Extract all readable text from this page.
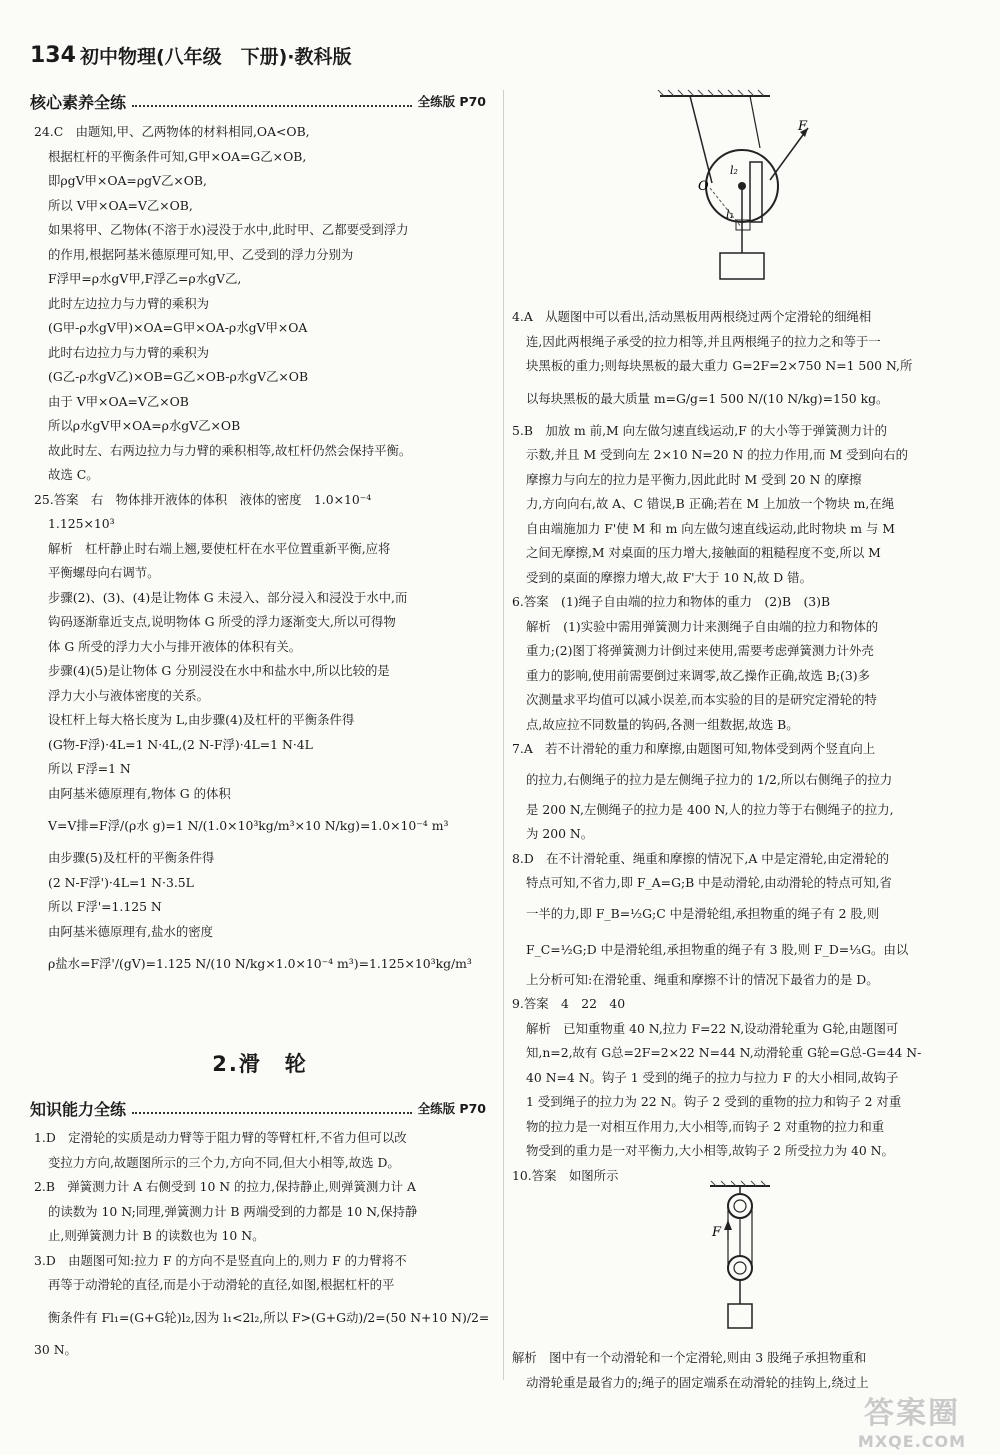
134 初中物理(八年级　下册)·教科版
核心素养全练	全练版 P70

24.C　由题知,甲、乙两物体的材料相同,OA<OB,

根据杠杆的平衡条件可知,G甲×OA=G乙×OB,

即ρgV甲×OA=ρgV乙×OB,

所以 V甲×OA=V乙×OB,

如果将甲、乙物体(不溶于水)浸没于水中,此时甲、乙都要受到浮力

的作用,根据阿基米德原理可知,甲、乙受到的浮力分别为

F浮甲=ρ水gV甲,F浮乙=ρ水gV乙,

此时左边拉力与力臂的乘积为

(G甲-ρ水gV甲)×OA=G甲×OA-ρ水gV甲×OA

此时右边拉力与力臂的乘积为

(G乙-ρ水gV乙)×OB=G乙×OB-ρ水gV乙×OB

由于 V甲×OA=V乙×OB

所以ρ水gV甲×OA=ρ水gV乙×OB

故此时左、右两边拉力与力臂的乘积相等,故杠杆仍然会保持平衡。

故选 C。

25.答案　右　物体排开液体的体积　液体的密度　1.0×10⁻⁴

1.125×10³

解析　杠杆静止时右端上翘,要使杠杆在水平位置重新平衡,应将

平衡螺母向右调节。

步骤(2)、(3)、(4)是让物体 G 未浸入、部分浸入和浸没于水中,而

钩码逐渐靠近支点,说明物体 G 所受的浮力逐渐变大,所以可得物

体 G 所受的浮力大小与排开液体的体积有关。

步骤(4)(5)是让物体 G 分别浸没在水中和盐水中,所以比较的是

浮力大小与液体密度的关系。

设杠杆上每大格长度为 L,由步骤(4)及杠杆的平衡条件得

(G物-F浮)·4L=1 N·4L,(2 N-F浮)·4L=1 N·4L

所以 F浮=1 N

由阿基米德原理有,物体 G 的体积

V=V排=F浮/(ρ水 g)=1 N/(1.0×10³kg/m³×10 N/kg)=1.0×10⁻⁴ m³

由步骤(5)及杠杆的平衡条件得

(2 N-F浮')·4L=1 N·3.5L

所以 F浮'=1.125 N

由阿基米德原理有,盐水的密度

ρ盐水=F浮'/(gV)=1.125 N/(10 N/kg×1.0×10⁻⁴ m³)=1.125×10³kg/m³

2.滑　轮
知识能力全练	全练版 P70

1.D　定滑轮的实质是动力臂等于阻力臂的等臂杠杆,不省力但可以改

变拉力方向,故题图所示的三个力,方向不同,但大小相等,故选 D。

2.B　弹簧测力计 A 右侧受到 10 N 的拉力,保持静止,则弹簧测力计 A

的读数为 10 N;同理,弹簧测力计 B 两端受到的力都是 10 N,保持静

止,则弹簧测力计 B 的读数也为 10 N。

3.D　由题图可知:拉力 F 的方向不是竖直向上的,则力 F 的力臂将不

再等于动滑轮的直径,而是小于动滑轮的直径,如图,根据杠杆的平

衡条件有 Fl₁=(G+G轮)l₂,因为 l₁<2l₂,所以 F>(G+G动)/2=(50 N+10 N)/2=

30 N。

O
l₂
l₁
F

4.A　从题图中可以看出,活动黑板用两根绕过两个定滑轮的细绳相

连,因此两根绳子承受的拉力相等,并且两根绳子的拉力之和等于一

块黑板的重力;则每块黑板的最大重力 G=2F=2×750 N=1 500 N,所

以每块黑板的最大质量 m=G/g=1 500 N/(10 N/kg)=150 kg。

5.B　加放 m 前,M 向左做匀速直线运动,F 的大小等于弹簧测力计的

示数,并且 M 受到向左 2×10 N=20 N 的拉力作用,而 M 受到向右的

摩擦力与向左的拉力是平衡力,因此此时 M 受到 20 N 的摩擦

力,方向向右,故 A、C 错误,B 正确;若在 M 上加放一个物块 m,在绳

自由端施加力 F'使 M 和 m 向左做匀速直线运动,此时物块 m 与 M

之间无摩擦,M 对桌面的压力增大,接触面的粗糙程度不变,所以 M

受到的桌面的摩擦力增大,故 F'大于 10 N,故 D 错。

6.答案　(1)绳子自由端的拉力和物体的重力　(2)B　(3)B

解析　(1)实验中需用弹簧测力计来测绳子自由端的拉力和物体的

重力;(2)图丁将弹簧测力计倒过来使用,需要考虑弹簧测力计外壳

重力的影响,使用前需要倒过来调零,故乙操作正确,故选 B;(3)多

次测量求平均值可以减小误差,而本实验的目的是研究定滑轮的特

点,故应拉不同数量的钩码,各测一组数据,故选 B。

7.A　若不计滑轮的重力和摩擦,由题图可知,物体受到两个竖直向上

的拉力,右侧绳子的拉力是左侧绳子拉力的 1/2,所以右侧绳子的拉力

是 200 N,左侧绳子的拉力是 400 N,人的拉力等于右侧绳子的拉力,

为 200 N。

8.D　在不计滑轮重、绳重和摩擦的情况下,A 中是定滑轮,由定滑轮的

特点可知,不省力,即 F_A=G;B 中是动滑轮,由动滑轮的特点可知,省

一半的力,即 F_B=½G;C 中是滑轮组,承担物重的绳子有 2 股,则

F_C=½G;D 中是滑轮组,承担物重的绳子有 3 股,则 F_D=⅓G。由以

上分析可知:在滑轮重、绳重和摩擦不计的情况下最省力的是 D。

9.答案　4　22　40

解析　已知重物重 40 N,拉力 F=22 N,设动滑轮重为 G轮,由题图可

知,n=2,故有 G总=2F=2×22 N=44 N,动滑轮重 G轮=G总-G=44 N-

40 N=4 N。钩子 1 受到的绳子的拉力与拉力 F 的大小相同,故钩子

1 受到绳子的拉力为 22 N。钩子 2 受到的重物的拉力和钩子 2 对重

物的拉力是一对相互作用力,大小相等,而钩子 2 对重物的拉力和重

物受到的重力是一对平衡力,大小相等,故钩子 2 所受拉力为 40 N。

10.答案　如图所示

F

解析　图中有一个动滑轮和一个定滑轮,则由 3 股绳子承担物重和

动滑轮重是最省力的;绳子的固定端系在动滑轮的挂钩上,绕过上

答案圈
MXQE.COM
